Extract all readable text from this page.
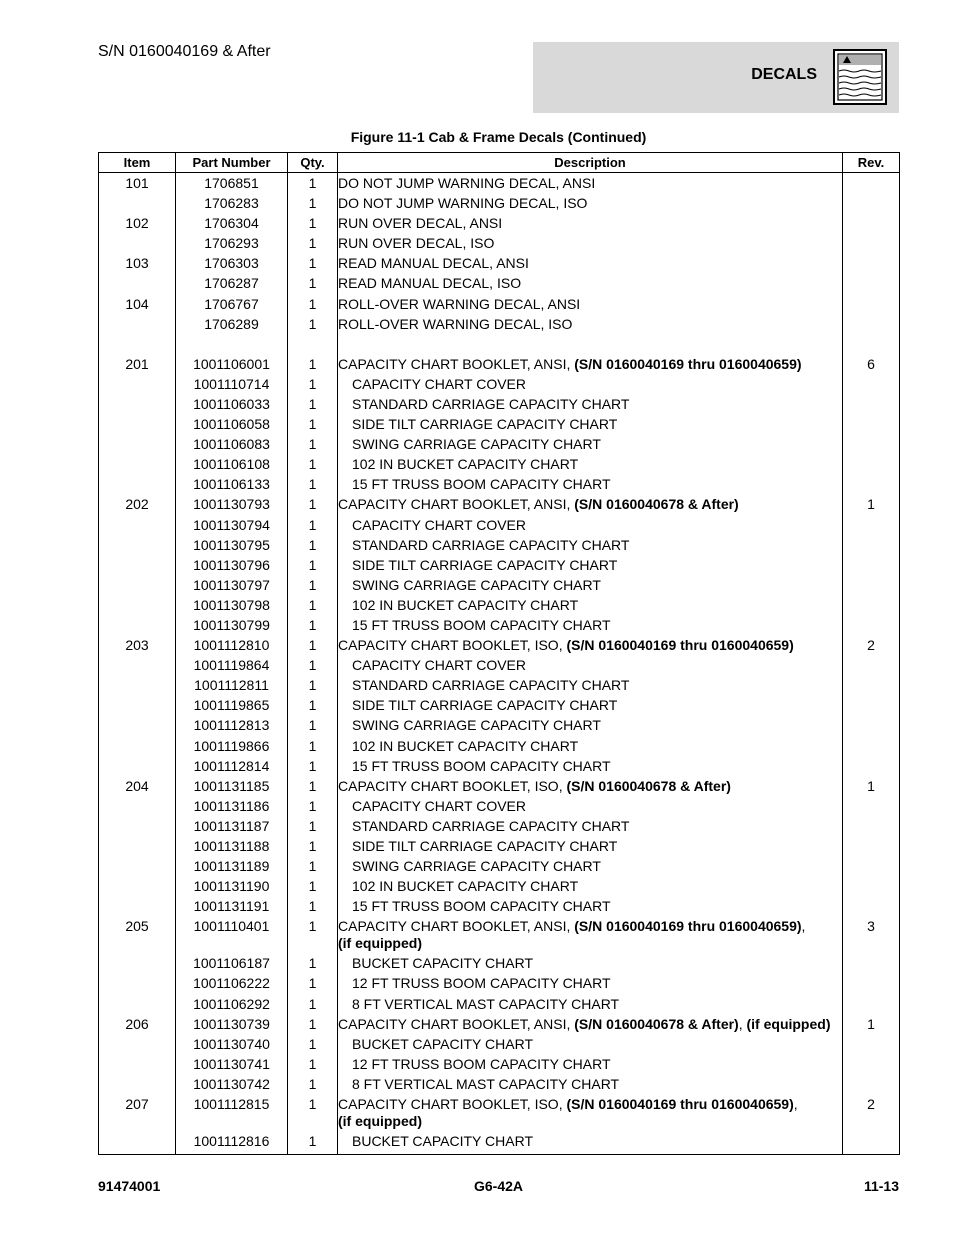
S/N 0160040169 & After
DECALS
Figure 11-1 Cab & Frame Decals (Continued)
Item	Part Number	Qty.	Description	Rev.
101	1706851	1	DO NOT JUMP WARNING DECAL, ANSI	
	1706283	1	DO NOT JUMP WARNING DECAL, ISO	
102	1706304	1	RUN OVER DECAL, ANSI	
	1706293	1	RUN OVER DECAL, ISO	
103	1706303	1	READ MANUAL DECAL, ANSI	
	1706287	1	READ MANUAL DECAL, ISO	
104	1706767	1	ROLL-OVER WARNING DECAL, ANSI	
	1706289	1	ROLL-OVER WARNING DECAL, ISO	

201	1001106001	1	CAPACITY CHART BOOKLET, ANSI, (S/N 0160040169 thru 0160040659)	6
	1001110714	1	CAPACITY CHART COVER	
	1001106033	1	STANDARD CARRIAGE CAPACITY CHART	
	1001106058	1	SIDE TILT CARRIAGE CAPACITY CHART	
	1001106083	1	SWING CARRIAGE CAPACITY CHART	
	1001106108	1	102 IN BUCKET CAPACITY CHART	
	1001106133	1	15 FT TRUSS BOOM CAPACITY CHART	
202	1001130793	1	CAPACITY CHART BOOKLET, ANSI, (S/N 0160040678 & After)	1
	1001130794	1	CAPACITY CHART COVER	
	1001130795	1	STANDARD CARRIAGE CAPACITY CHART	
	1001130796	1	SIDE TILT CARRIAGE CAPACITY CHART	
	1001130797	1	SWING CARRIAGE CAPACITY CHART	
	1001130798	1	102 IN BUCKET CAPACITY CHART	
	1001130799	1	15 FT TRUSS BOOM CAPACITY CHART	
203	1001112810	1	CAPACITY CHART BOOKLET, ISO, (S/N 0160040169 thru 0160040659)	2
	1001119864	1	CAPACITY CHART COVER	
	1001112811	1	STANDARD CARRIAGE CAPACITY CHART	
	1001119865	1	SIDE TILT CARRIAGE CAPACITY CHART	
	1001112813	1	SWING CARRIAGE CAPACITY CHART	
	1001119866	1	102 IN BUCKET CAPACITY CHART	
	1001112814	1	15 FT TRUSS BOOM CAPACITY CHART	
204	1001131185	1	CAPACITY CHART BOOKLET, ISO, (S/N 0160040678 & After)	1
	1001131186	1	CAPACITY CHART COVER	
	1001131187	1	STANDARD CARRIAGE CAPACITY CHART	
	1001131188	1	SIDE TILT CARRIAGE CAPACITY CHART	
	1001131189	1	SWING CARRIAGE CAPACITY CHART	
	1001131190	1	102 IN BUCKET CAPACITY CHART	
	1001131191	1	15 FT TRUSS BOOM CAPACITY CHART	
205	1001110401	1	CAPACITY CHART BOOKLET, ANSI, (S/N 0160040169 thru 0160040659),
(if equipped)	3
	1001106187	1	BUCKET CAPACITY CHART	
	1001106222	1	12 FT TRUSS BOOM CAPACITY CHART	
	1001106292	1	8 FT VERTICAL MAST CAPACITY CHART	
206	1001130739	1	CAPACITY CHART BOOKLET, ANSI, (S/N 0160040678 & After), (if equipped)	1
	1001130740	1	BUCKET CAPACITY CHART	
	1001130741	1	12 FT TRUSS BOOM CAPACITY CHART	
	1001130742	1	8 FT VERTICAL MAST CAPACITY CHART	
207	1001112815	1	CAPACITY CHART BOOKLET, ISO, (S/N 0160040169 thru 0160040659),
(if equipped)	2
	1001112816	1	BUCKET CAPACITY CHART	
91474001	G6-42A	11-13
